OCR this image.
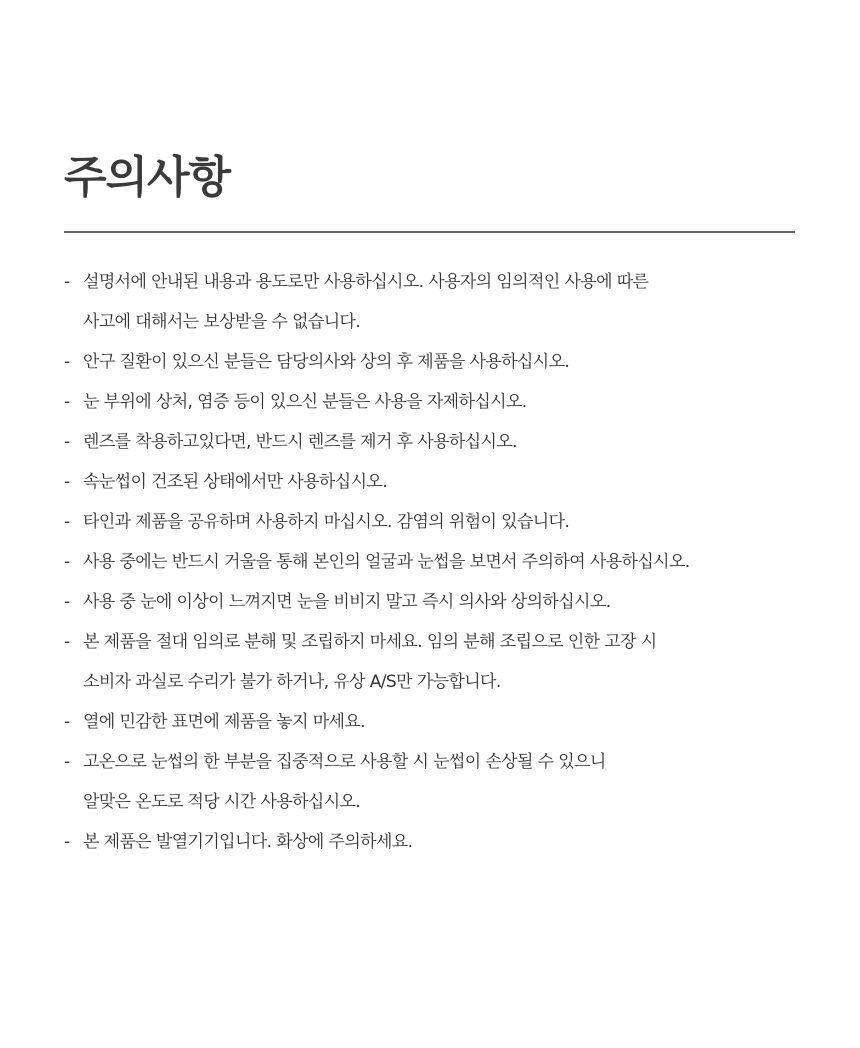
주의사항
- 설명서에 안내된 내용과 용도로만 사용하십시오. 사용자의 임의적인 사용에 따른
사고에 대해서는 보상받을 수 없습니다.
- 안구 질환이 있으신 분들은 담당의사와 상의 후 제품을 사용하십시오.
- 눈 부위에 상처, 염증 등이 있으신 분들은 사용을 자제하십시오.
- 렌즈를 착용하고있다면, 반드시 렌즈를 제거 후 사용하십시오.
- 속눈썹이 건조된 상태에서만 사용하십시오.
- 타인과 제품을 공유하며 사용하지 마십시오. 감염의 위험이 있습니다.
- 사용 중에는 반드시 거울을 통해 본인의 얼굴과 눈썹을 보면서 주의하여 사용하십시오.
- 사용 중 눈에 이상이 느껴지면 눈을 비비지 말고 즉시 의사와 상의하십시오.
- 본 제품을 절대 임의로 분해 및 조립하지 마세요. 임의 분해 조립으로 인한 고장 시
소비자 과실로 수리가 불가 하거나, 유상 A/S만 가능합니다.
- 열에 민감한 표면에 제품을 놓지 마세요.
- 고온으로 눈썹의 한 부분을 집중적으로 사용할 시 눈썹이 손상될 수 있으니
알맞은 온도로 적당 시간 사용하십시오.
- 본 제품은 발열기기입니다. 화상에 주의하세요.
